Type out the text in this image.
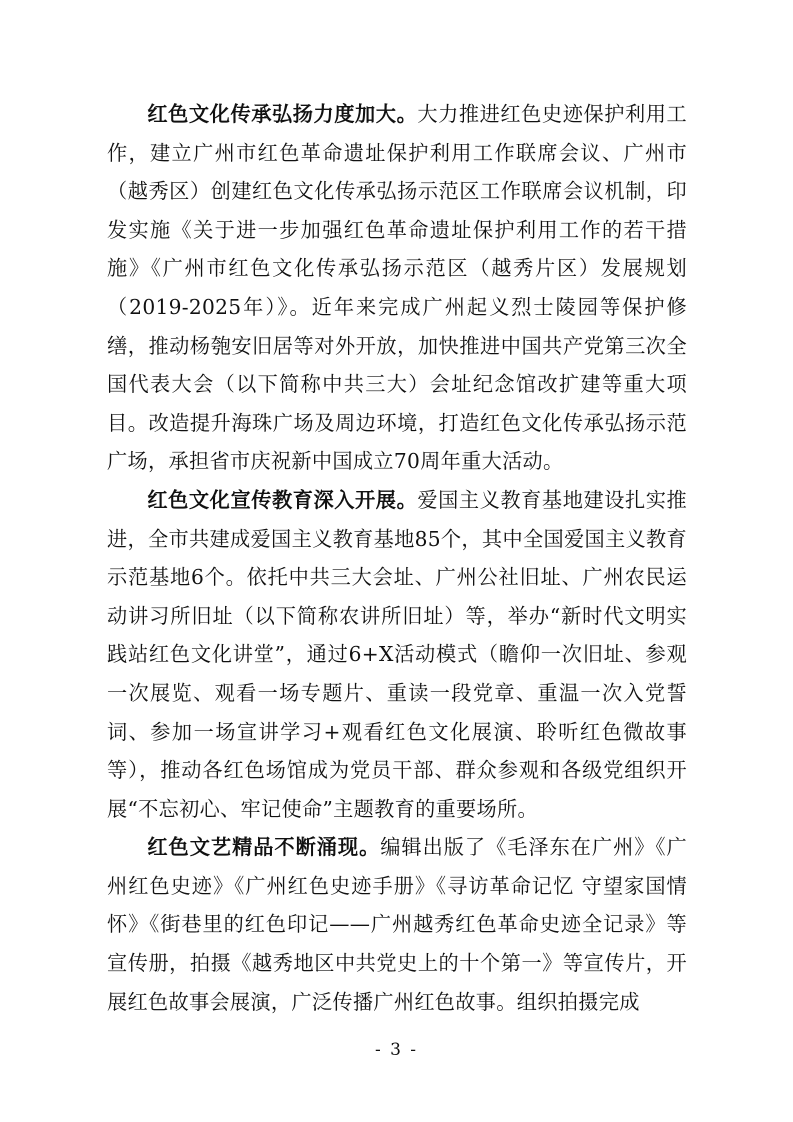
红色文化传承弘扬力度加大。大力推进红色史迹保护利用工作，建立广州市红色革命遗址保护利用工作联席会议、广州市（越秀区）创建红色文化传承弘扬示范区工作联席会议机制，印发实施《关于进一步加强红色革命遗址保护利用工作的若干措施》《广州市红色文化传承弘扬示范区（越秀片区）发展规划（2019-2025年）》。近年来完成广州起义烈士陵园等保护修缮，推动杨匏安旧居等对外开放，加快推进中国共产党第三次全国代表大会（以下简称中共三大）会址纪念馆改扩建等重大项目。改造提升海珠广场及周边环境，打造红色文化传承弘扬示范广场，承担省市庆祝新中国成立70周年重大活动。

红色文化宣传教育深入开展。爱国主义教育基地建设扎实推进，全市共建成爱国主义教育基地85个，其中全国爱国主义教育示范基地6个。依托中共三大会址、广州公社旧址、广州农民运动讲习所旧址（以下简称农讲所旧址）等，举办“新时代文明实践站红色文化讲堂”，通过6+X活动模式（瞻仰一次旧址、参观一次展览、观看一场专题片、重读一段党章、重温一次入党誓词、参加一场宣讲学习+观看红色文化展演、聆听红色微故事等），推动各红色场馆成为党员干部、群众参观和各级党组织开展“不忘初心、牢记使命”主题教育的重要场所。

红色文艺精品不断涌现。编辑出版了《毛泽东在广州》《广州红色史迹》《广州红色史迹手册》《寻访革命记忆 守望家国情怀》《街巷里的红色印记——广州越秀红色革命史迹全记录》等宣传册，拍摄《越秀地区中共党史上的十个第一》等宣传片，开展红色故事会展演，广泛传播广州红色故事。组织拍摄完成

- 3 -
